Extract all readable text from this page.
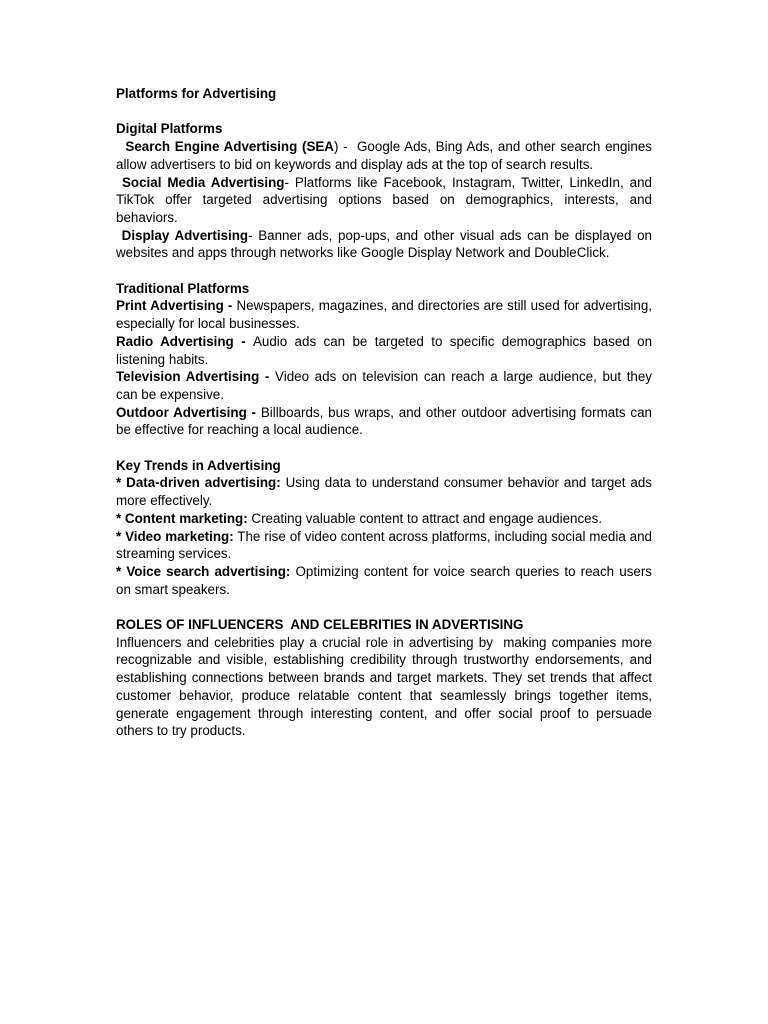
Platforms for Advertising

Digital Platforms

Search Engine Advertising (SEA) -  Google Ads, Bing Ads, and other search engines allow advertisers to bid on keywords and display ads at the top of search results.

Social Media Advertising- Platforms like Facebook, Instagram, Twitter, LinkedIn, and TikTok offer targeted advertising options based on demographics, interests, and behaviors.

Display Advertising- Banner ads, pop-ups, and other visual ads can be displayed on websites and apps through networks like Google Display Network and DoubleClick.

Traditional Platforms

Print Advertising - Newspapers, magazines, and directories are still used for advertising, especially for local businesses.

Radio Advertising - Audio ads can be targeted to specific demographics based on listening habits.

Television Advertising - Video ads on television can reach a large audience, but they can be expensive.

Outdoor Advertising - Billboards, bus wraps, and other outdoor advertising formats can be effective for reaching a local audience.

Key Trends in Advertising

* Data-driven advertising: Using data to understand consumer behavior and target ads more effectively.

* Content marketing: Creating valuable content to attract and engage audiences.

* Video marketing: The rise of video content across platforms, including social media and streaming services.

* Voice search advertising: Optimizing content for voice search queries to reach users on smart speakers.

ROLES OF INFLUENCERS  AND CELEBRITIES IN ADVERTISING

Influencers and celebrities play a crucial role in advertising by  making companies more recognizable and visible, establishing credibility through trustworthy endorsements, and establishing connections between brands and target markets. They set trends that affect customer behavior, produce relatable content that seamlessly brings together items, generate engagement through interesting content, and offer social proof to persuade others to try products.
